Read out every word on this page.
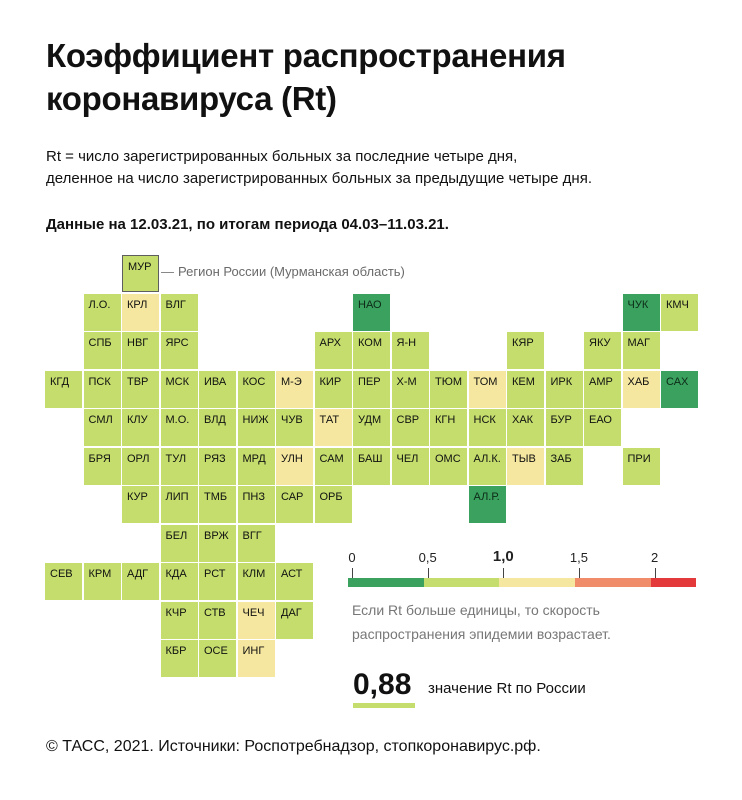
Коэффициент распространения коронавируса (Rt)

Rt = число зарегистрированных больных за последние четыре дня,
деленное на число зарегистрированных больных за предыдущие четыре дня.

Данные на 12.03.21, по итогам периода 04.03–11.03.21.

МУР
Л.О.	КРЛ	ВЛГ	НАО	ЧУК	КМЧ
СПБ	НВГ	ЯРС	АРХ	КОМ	Я-Н	КЯР	ЯКУ	МАГ
КГД	ПСК	ТВР	МСК	ИВА	КОС	М-Э	КИР	ПЕР	Х-М	ТЮМ	ТОМ	КЕМ	ИРК	АМР	ХАБ	САХ
СМЛ	КЛУ	М.О.	ВЛД	НИЖ	ЧУВ	ТАТ	УДМ	СВР	КГН	НСК	ХАК	БУР	ЕАО
БРЯ	ОРЛ	ТУЛ	РЯЗ	МРД	УЛН	САМ	БАШ	ЧЕЛ	ОМС	АЛ.К.	ТЫВ	ЗАБ	ПРИ
КУР	ЛИП	ТМБ	ПНЗ	САР	ОРБ	АЛ.Р.
БЕЛ	ВРЖ	ВГГ
СЕВ	КРМ	АДГ	КДА	РСТ	КЛМ	АСТ
КЧР	СТВ	ЧЕЧ	ДАГ
КБР	ОСЕ	ИНГ
Регион России (Мурманская область)
0	0,5	1,0	1,5	2

Если Rt больше единицы, то скорость
распространения эпидемии возрастает.

0,88 значение Rt по России

© ТАСС, 2021. Источники: Роспотребнадзор, стопкоронавирус.рф.
